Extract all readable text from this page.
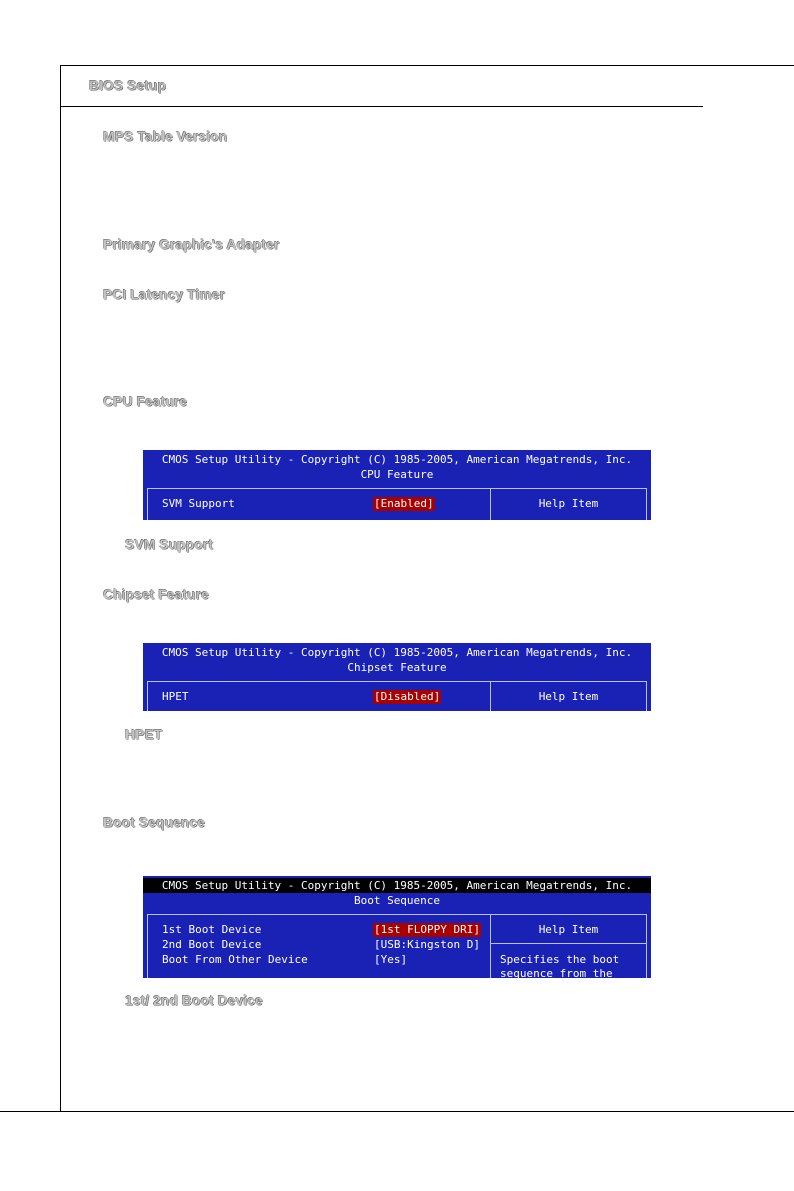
BIOS Setup
MPS Table Version
Primary Graphic's Adapter
PCI Latency Timer
CPU Feature
CMOS Setup Utility - Copyright (C) 1985-2005, American Megatrends, Inc.
CPU Feature
SVM Support	[Enabled]	Help Item
SVM Support
Chipset Feature
CMOS Setup Utility - Copyright (C) 1985-2005, American Megatrends, Inc.
Chipset Feature
HPET	[Disabled]	Help Item
HPET
Boot Sequence
CMOS Setup Utility - Copyright (C) 1985-2005, American Megatrends, Inc.
Boot Sequence
1st Boot Device	[1st FLOPPY DRI]
2nd Boot Device	[USB:Kingston D]
Boot From Other Device	[Yes]
Help Item
Specifies the boot
sequence from the
1st/ 2nd Boot Device
